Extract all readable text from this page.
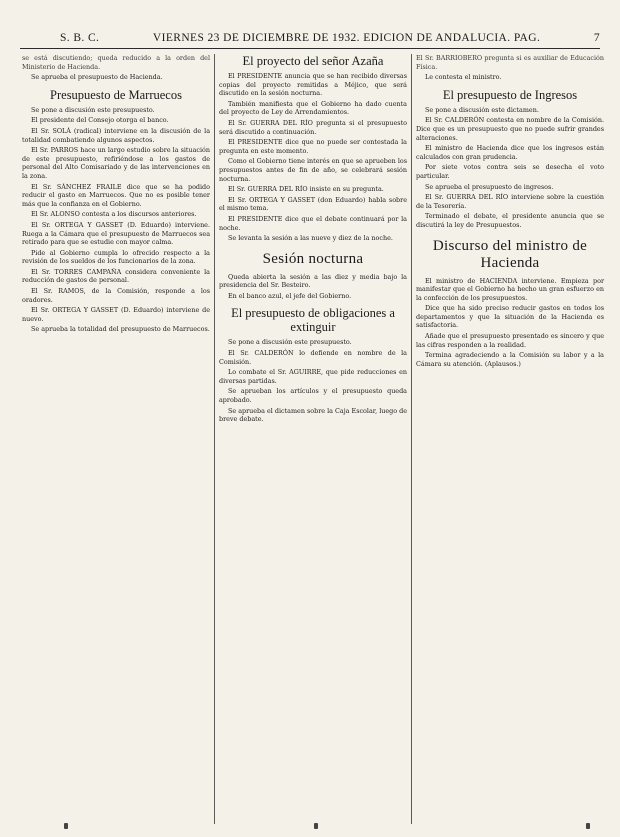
S. B. C.	VIERNES 23 DE DICIEMBRE DE 1932. EDICION DE ANDALUCIA. PAG.	7

se está discutiendo; queda reducido a la orden del Ministerio de Hacienda.

Se aprueba el presupuesto de Hacienda.

Presupuesto de Marruecos

Se pone a discusión este presupuesto.

El presidente del Consejo otorga el banco.

El Sr. SOLÁ (radical) interviene en la discusión de la totalidad combatiendo algunos aspectos.

El Sr. PARROS hace un largo estudio sobre la situación de este presupuesto, refiriéndose a los gastos de personal del Alto Comisariado y de las intervenciones en la zona.

El Sr. SÁNCHEZ FRAILE dice que se ha podido reducir el gasto en Marruecos. Que no es posible tener más que la confianza en el Gobierno.

El Sr. ALONSO contesta a los discursos anteriores.

El Sr. ORTEGA Y GASSET (D. Eduardo) interviene. Ruega a la Cámara que el presupuesto de Marruecos sea retirado para que se estudie con mayor calma.

Pide al Gobierno cumpla lo ofrecido respecto a la revisión de los sueldos de los funcionarios de la zona.

El Sr. TORRES CAMPAÑA considera conveniente la reducción de gastos de personal.

El Sr. RAMOS, de la Comisión, responde a los oradores.

El Sr. ORTEGA Y GASSET (D. Eduardo) interviene de nuevo.

Se aprueba la totalidad del presupuesto de Marruecos.

El proyecto del señor Azaña

El PRESIDENTE anuncia que se han recibido diversas copias del proyecto remitidas a Méjico, que será discutido en la sesión nocturna.

También manifiesta que el Gobierno ha dado cuenta del proyecto de Ley de Arrendamientos.

El Sr. GUERRA DEL RÍO pregunta si el presupuesto será discutido a continuación.

El PRESIDENTE dice que no puede ser contestada la pregunta en este momento.

Como el Gobierno tiene interés en que se aprueben los presupuestos antes de fin de año, se celebrará sesión nocturna.

El Sr. GUERRA DEL RÍO insiste en su pregunta.

El Sr. ORTEGA Y GASSET (don Eduardo) habla sobre el mismo tema.

El PRESIDENTE dice que el debate continuará por la noche.

Se levanta la sesión a las nueve y diez de la noche.

Sesión nocturna

Queda abierta la sesión a las diez y media bajo la presidencia del Sr. Besteiro.

En el banco azul, el jefe del Gobierno.

El presupuesto de obligaciones a extinguir

Se pone a discusión este presupuesto.

El Sr. CALDERÓN lo defiende en nombre de la Comisión.

Lo combate el Sr. AGUIRRE, que pide reducciones en diversas partidas.

Se aprueban los artículos y el presupuesto queda aprobado.

Se aprueba el dictamen sobre la Caja Escolar, luego de breve debate.

El Sr. BARRIOBERO pregunta si es auxiliar de Educación Física.

Le contesta el ministro.

El presupuesto de Ingresos

Se pone a discusión este dictamen.

El Sr. CALDERÓN contesta en nombre de la Comisión. Dice que es un presupuesto que no puede sufrir grandes alteraciones.

El ministro de Hacienda dice que los ingresos están calculados con gran prudencia.

Por siete votos contra seis se desecha el voto particular.

Se aprueba el presupuesto de ingresos.

El Sr. GUERRA DEL RÍO interviene sobre la cuestión de la Tesorería.

Terminado el debate, el presidente anuncia que se discutirá la ley de Presupuestos.

Discurso del ministro de Hacienda

El ministro de HACIENDA interviene. Empieza por manifestar que el Gobierno ha hecho un gran esfuerzo en la confección de los presupuestos.

Dice que ha sido preciso reducir gastos en todos los departamentos y que la situación de la Hacienda es satisfactoria.

Añade que el presupuesto presentado es sincero y que las cifras responden a la realidad.

Termina agradeciendo a la Comisión su labor y a la Cámara su atención. (Aplausos.)
